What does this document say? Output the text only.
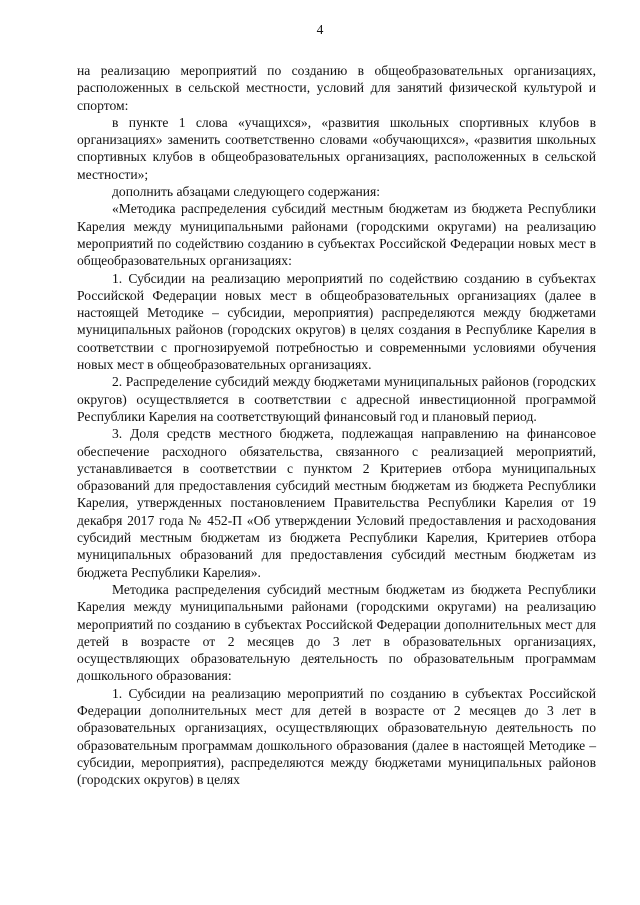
4

на реализацию мероприятий по созданию в общеобразовательных организациях, расположенных в сельской местности, условий для занятий физической культурой и спортом:

в пункте 1 слова «учащихся», «развития школьных спортивных клубов в организациях» заменить соответственно словами «обучающихся», «развития школьных спортивных клубов в общеобразовательных организациях, расположенных в сельской местности»;

дополнить абзацами следующего содержания:

«Методика распределения субсидий местным бюджетам из бюджета Республики Карелия между муниципальными районами (городскими округами) на реализацию мероприятий по содействию созданию в субъектах Российской Федерации новых мест в общеобразовательных организациях:

1. Субсидии на реализацию мероприятий по содействию созданию в субъектах Российской Федерации новых мест в общеобразовательных организациях (далее в настоящей Методике – субсидии, мероприятия) распределяются между бюджетами муниципальных районов (городских округов) в целях создания в Республике Карелия в соответствии с прогнозируемой потребностью и современными условиями обучения новых мест в общеобразовательных организациях.

2. Распределение субсидий между бюджетами муниципальных районов (городских округов) осуществляется в соответствии с адресной инвестиционной программой Республики Карелия на соответствующий финансовый год и плановый период.

3. Доля средств местного бюджета, подлежащая направлению на финансовое обеспечение расходного обязательства, связанного с реализацией мероприятий, устанавливается в соответствии с пунктом 2 Критериев отбора муниципальных образований для предоставления субсидий местным бюджетам из бюджета Республики Карелия, утвержденных постановлением Правительства Республики Карелия от 19 декабря 2017 года № 452-П «Об утверждении Условий предоставления и расходования субсидий местным бюджетам из бюджета Республики Карелия, Критериев отбора муниципальных образований для предоставления субсидий местным бюджетам из бюджета Республики Карелия».

Методика распределения субсидий местным бюджетам из бюджета Республики Карелия между муниципальными районами (городскими округами) на реализацию мероприятий по созданию в субъектах Российской Федерации дополнительных мест для детей в возрасте от 2 месяцев до 3 лет в образовательных организациях, осуществляющих образовательную деятельность по образовательным программам дошкольного образования:

1. Субсидии на реализацию мероприятий по созданию в субъектах Российской Федерации дополнительных мест для детей в возрасте от 2 месяцев до 3 лет в образовательных организациях, осуществляющих образовательную деятельность по образовательным программам дошкольного образования (далее в настоящей Методике – субсидии, мероприятия), распределяются между бюджетами муниципальных районов (городских округов) в целях
